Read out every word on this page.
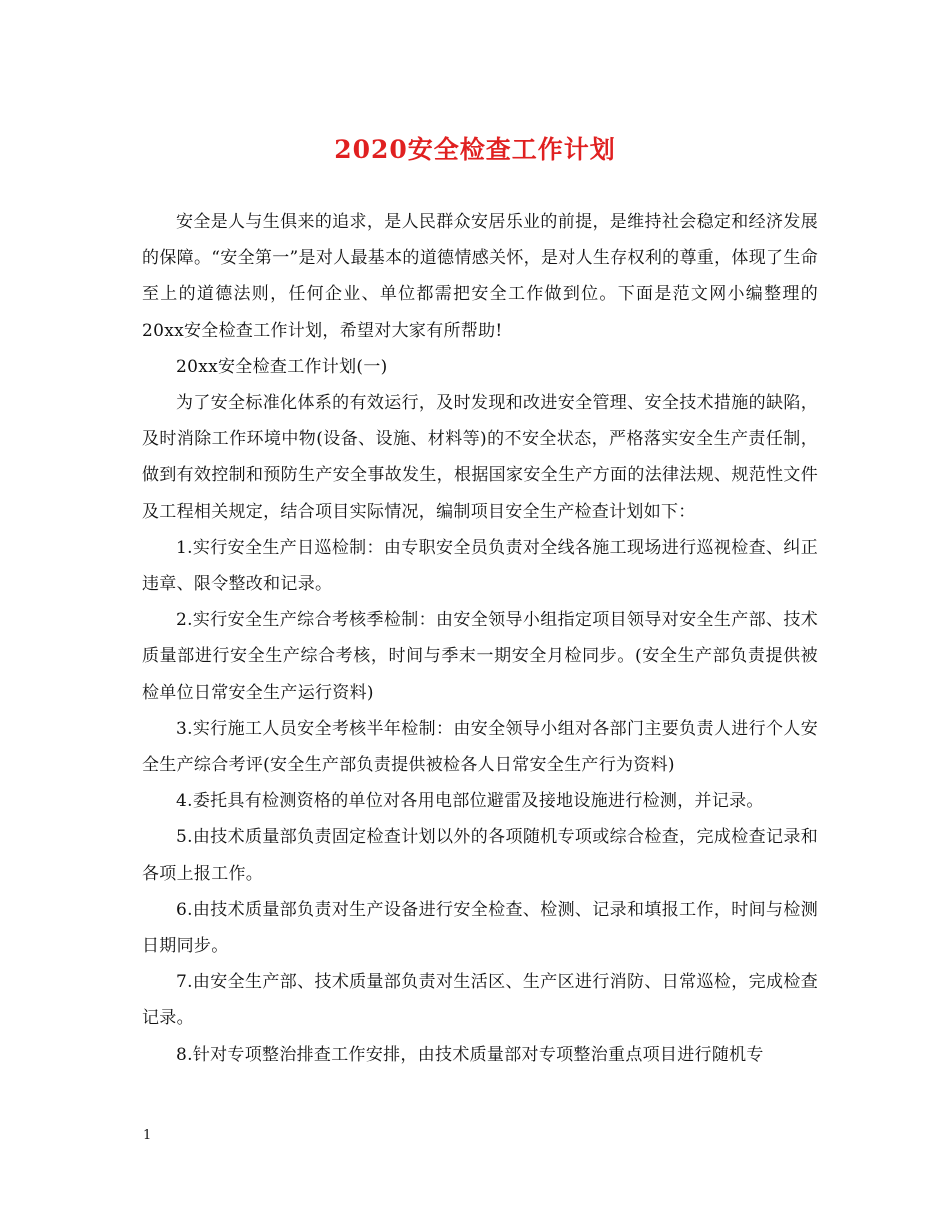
2020安全检查工作计划

安全是人与生俱来的追求，是人民群众安居乐业的前提，是维持社会稳定和经济发展的保障。“安全第一”是对人最基本的道德情感关怀，是对人生存权利的尊重，体现了生命至上的道德法则，任何企业、单位都需把安全工作做到位。下面是范文网小编整理的20xx安全检查工作计划，希望对大家有所帮助!

20xx安全检查工作计划(一)

为了安全标准化体系的有效运行，及时发现和改进安全管理、安全技术措施的缺陷，及时消除工作环境中物(设备、设施、材料等)的不安全状态，严格落实安全生产责任制，做到有效控制和预防生产安全事故发生，根据国家安全生产方面的法律法规、规范性文件及工程相关规定，结合项目实际情况，编制项目安全生产检查计划如下：

1.实行安全生产日巡检制：由专职安全员负责对全线各施工现场进行巡视检查、纠正违章、限令整改和记录。

2.实行安全生产综合考核季检制：由安全领导小组指定项目领导对安全生产部、技术质量部进行安全生产综合考核，时间与季末一期安全月检同步。(安全生产部负责提供被检单位日常安全生产运行资料)

3.实行施工人员安全考核半年检制：由安全领导小组对各部门主要负责人进行个人安全生产综合考评(安全生产部负责提供被检各人日常安全生产行为资料)

4.委托具有检测资格的单位对各用电部位避雷及接地设施进行检测，并记录。

5.由技术质量部负责固定检查计划以外的各项随机专项或综合检查，完成检查记录和各项上报工作。

6.由技术质量部负责对生产设备进行安全检查、检测、记录和填报工作，时间与检测日期同步。

7.由安全生产部、技术质量部负责对生活区、生产区进行消防、日常巡检，完成检查记录。

8.针对专项整治排查工作安排，由技术质量部对专项整治重点项目进行随机专

1
